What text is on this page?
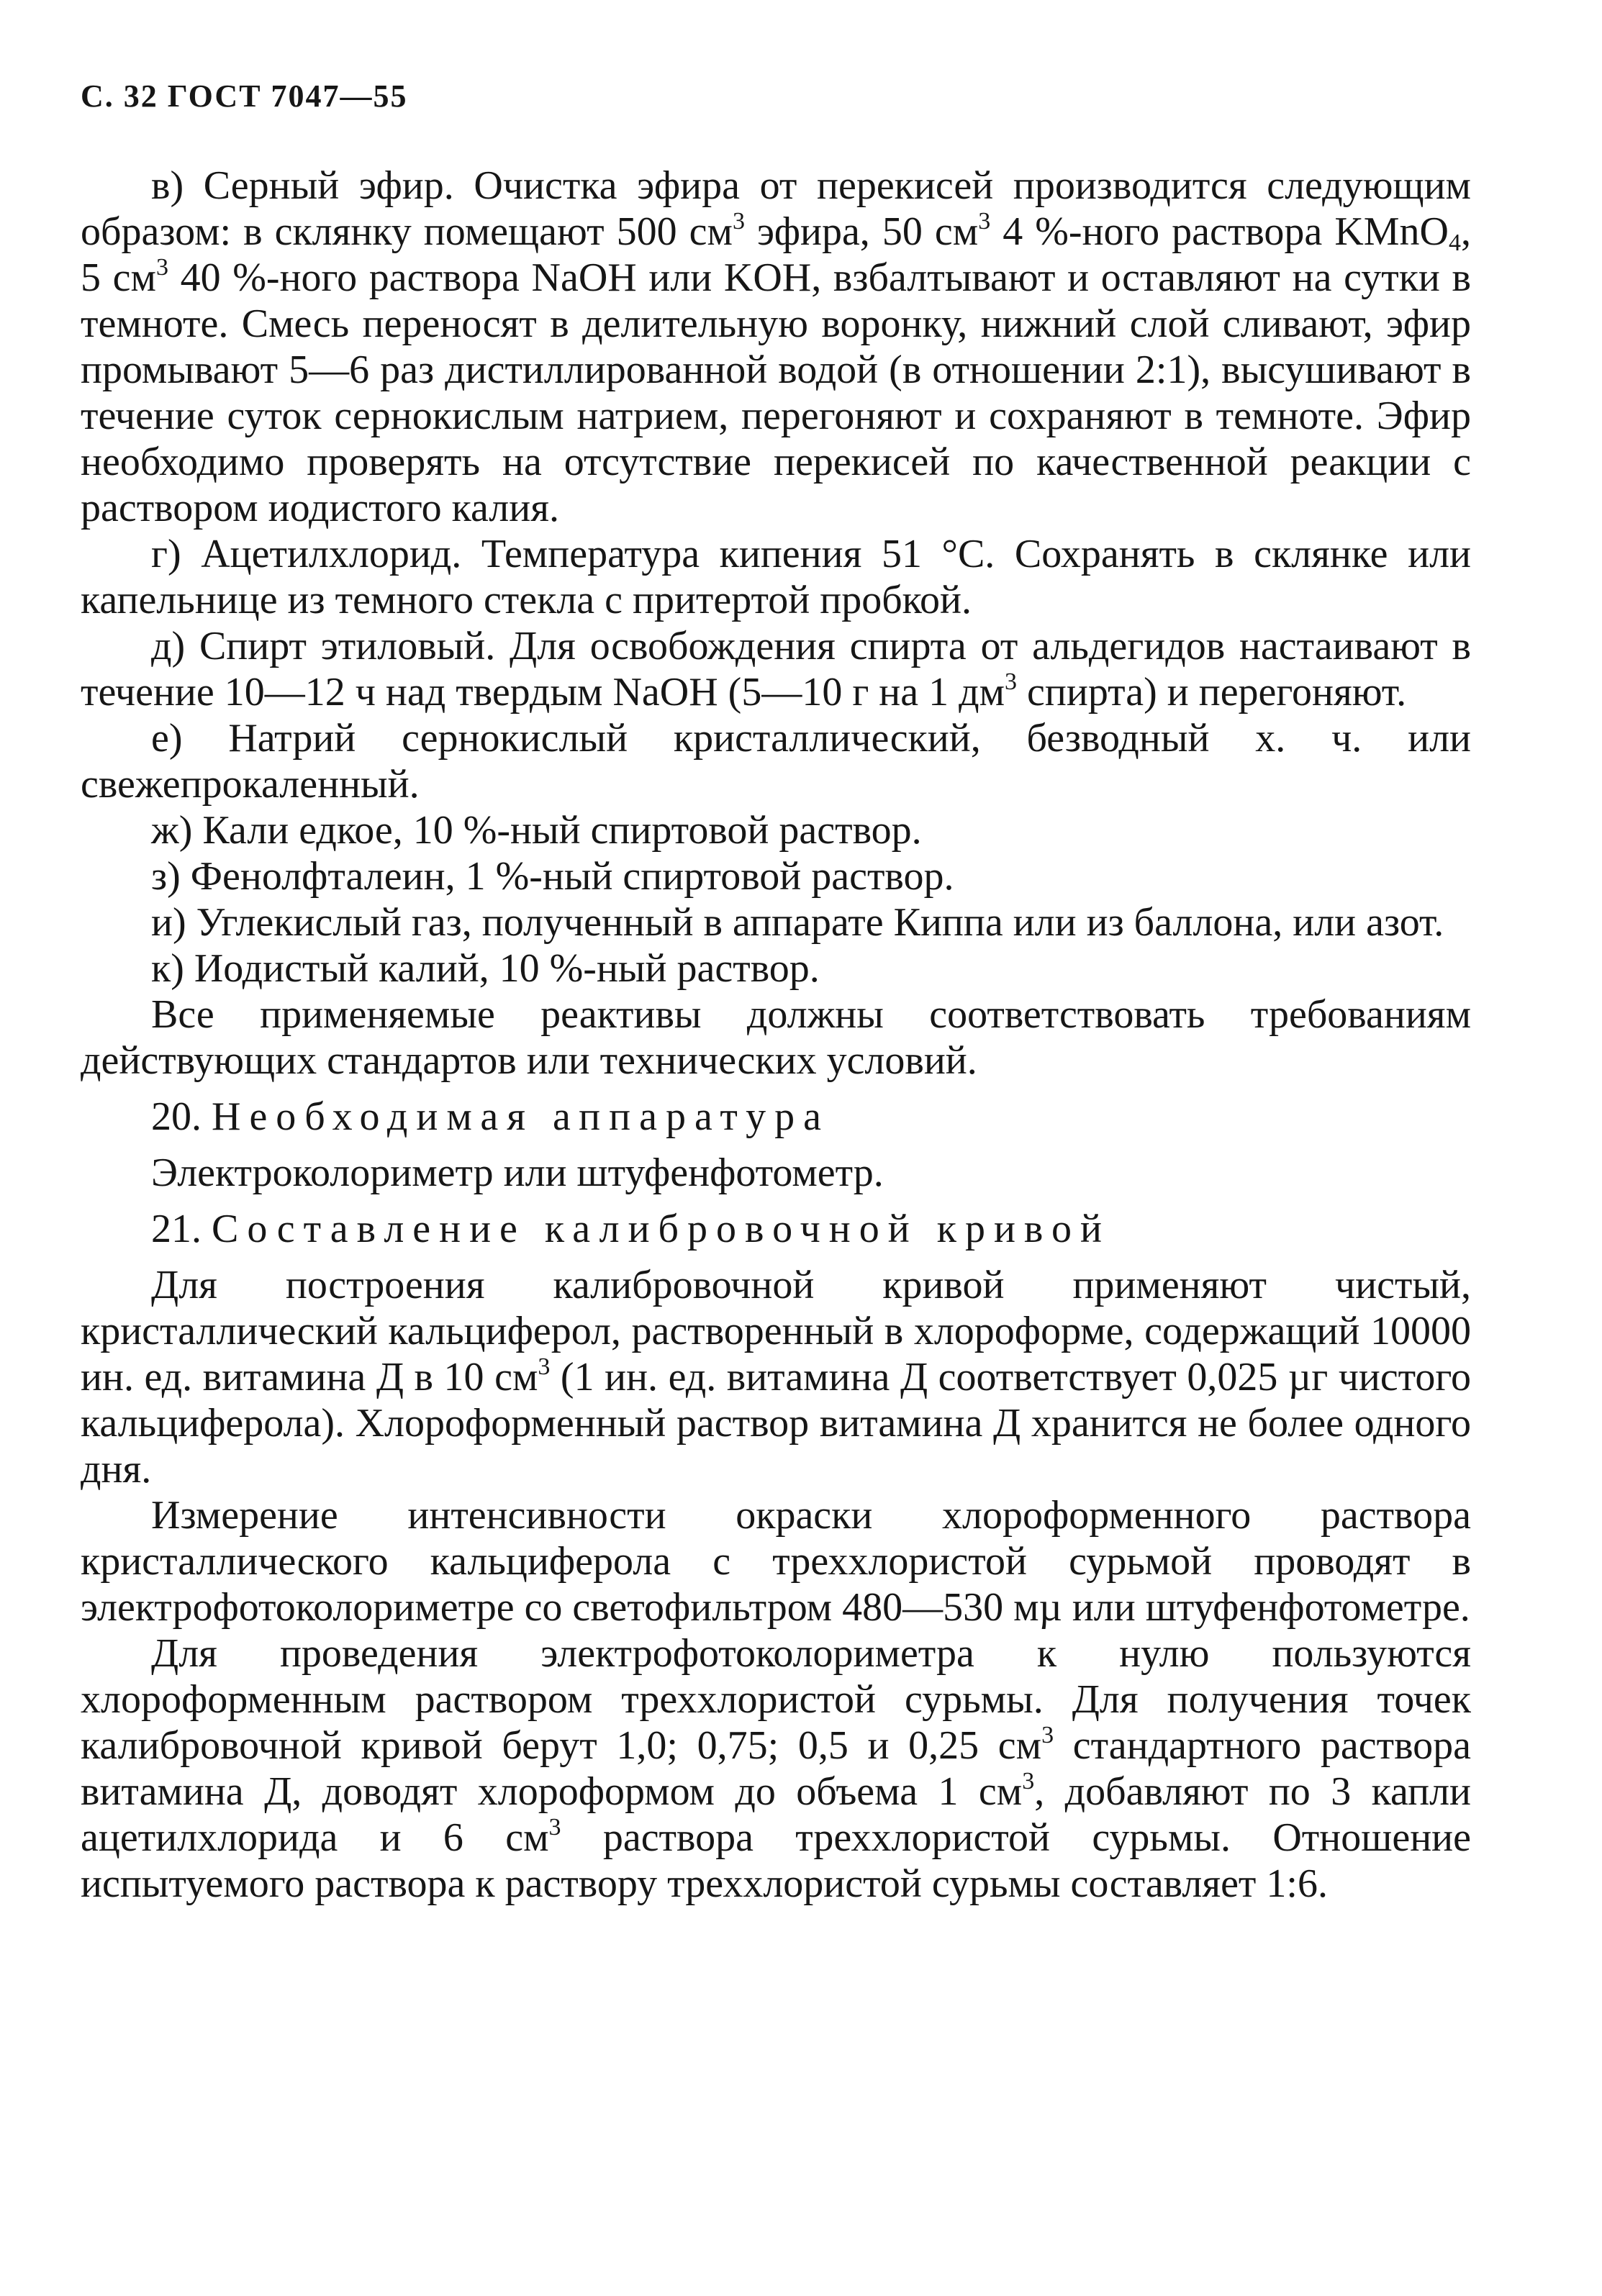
С. 32 ГОСТ 7047—55

в) Серный эфир. Очистка эфира от перекисей производится следующим образом: в склянку помещают 500 $см^3$ эфира, 50 $см^3$ 4 %-ного раствора KMnO$_4$, 5 $см^3$ 40 %-ного раствора NaOH или KOH, взбалтывают и оставляют на сутки в темноте. Смесь переносят в делительную воронку, нижний слой сливают, эфир промывают 5—6 раз дистиллированной водой (в отношении 2:1), высушивают в течение суток сернокислым натрием, перегоняют и сохраняют в темноте. Эфир необходимо проверять на отсутствие перекисей по качественной реакции с раствором иодистого калия.

г) Ацетилхлорид. Температура кипения 51 °С. Сохранять в склянке или капельнице из темного стекла с притертой пробкой.

д) Спирт этиловый. Для освобождения спирта от альдегидов настаивают в течение 10—12 ч над твердым NaOH (5—10 г на 1 $дм^3$ спирта) и перегоняют.

е) Натрий сернокислый кристаллический, безводный х. ч. или свежепрокаленный.

ж) Кали едкое, 10 %-ный спиртовой раствор.

з) Фенолфталеин, 1 %-ный спиртовой раствор.

и) Углекислый газ, полученный в аппарате Киппа или из баллона, или азот.

к) Иодистый калий, 10 %-ный раствор.

Все применяемые реактивы должны соответствовать требованиям действующих стандартов или технических условий.

20. Необходимая аппаратура

Электроколориметр или штуфенфотометр.

21. Составление калибровочной кривой

Для построения калибровочной кривой применяют чистый, кристаллический кальциферол, растворенный в хлороформе, содержащий 10000 ин. ед. витамина Д в 10 $см^3$ (1 ин. ед. витамина Д соответствует 0,025 µг чистого кальциферола). Хлороформенный раствор витамина Д хранится не более одного дня.

Измерение интенсивности окраски хлороформенного раствора кристаллического кальциферола с треххлористой сурьмой проводят в электрофотоколориметре со светофильтром 480—530 мµ или штуфенфотометре.

Для проведения электрофотоколориметра к нулю пользуются хлороформенным раствором треххлористой сурьмы. Для получения точек калибровочной кривой берут 1,0; 0,75; 0,5 и 0,25 $см^3$ стандартного раствора витамина Д, доводят хлороформом до объема 1 $см^3$, добавляют по 3 капли ацетилхлорида и 6 $см^3$ раствора треххлористой сурьмы. Отношение испытуемого раствора к раствору треххлористой сурьмы составляет 1:6.
